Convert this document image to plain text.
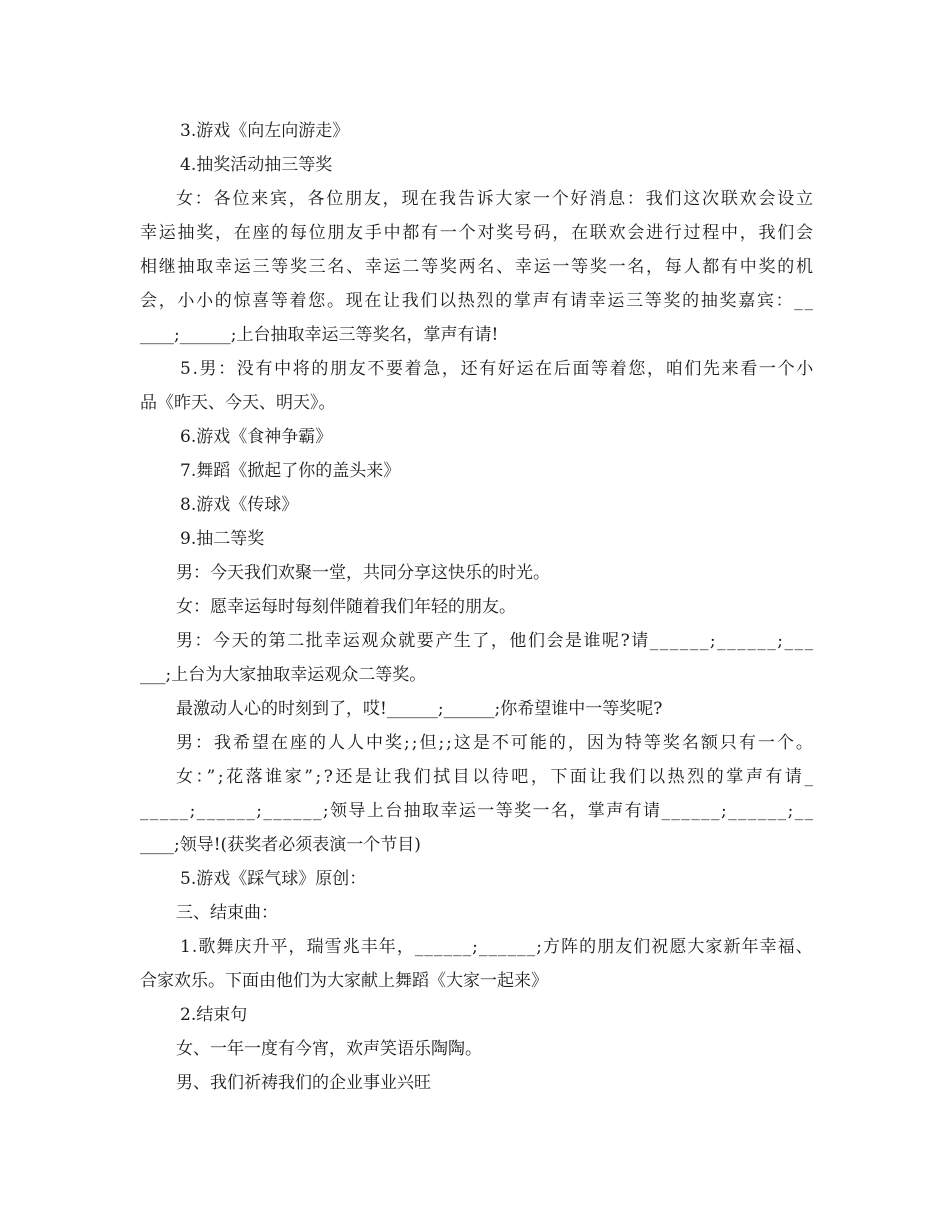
3.游戏《向左向游走》

4.抽奖活动抽三等奖

女：各位来宾，各位朋友，现在我告诉大家一个好消息：我们这次联欢会设立

幸运抽奖，在座的每位朋友手中都有一个对奖号码，在联欢会进行过程中，我们会

相继抽取幸运三等奖三名、幸运二等奖两名、幸运一等奖一名，每人都有中奖的机

会，小小的惊喜等着您。现在让我们以热烈的掌声有请幸运三等奖的抽奖嘉宾：__

____;______;上台抽取幸运三等奖名，掌声有请!

5.男：没有中将的朋友不要着急，还有好运在后面等着您，咱们先来看一个小

品《昨天、今天、明天》。

6.游戏《食神争霸》

7.舞蹈《掀起了你的盖头来》

8.游戏《传球》

9.抽二等奖

男：今天我们欢聚一堂，共同分享这快乐的时光。

女：愿幸运每时每刻伴随着我们年轻的朋友。

男：今天的第二批幸运观众就要产生了，他们会是谁呢?请______;______;___

___;上台为大家抽取幸运观众二等奖。

最激动人心的时刻到了，哎!______;______;你希望谁中一等奖呢?

男：我希望在座的人人中奖;;但;;这是不可能的，因为特等奖名额只有一个。

女：”;花落谁家”;?还是让我们拭目以待吧，下面让我们以热烈的掌声有请_

_____;______;______;领导上台抽取幸运一等奖一名，掌声有请______;______;__

____;领导!(获奖者必须表演一个节目)

5.游戏《踩气球》原创：

三、结束曲：

1.歌舞庆升平，瑞雪兆丰年，______;______;方阵的朋友们祝愿大家新年幸福、

合家欢乐。下面由他们为大家献上舞蹈《大家一起来》

2.结束句

女、一年一度有今宵，欢声笑语乐陶陶。

男、我们祈祷我们的企业事业兴旺
